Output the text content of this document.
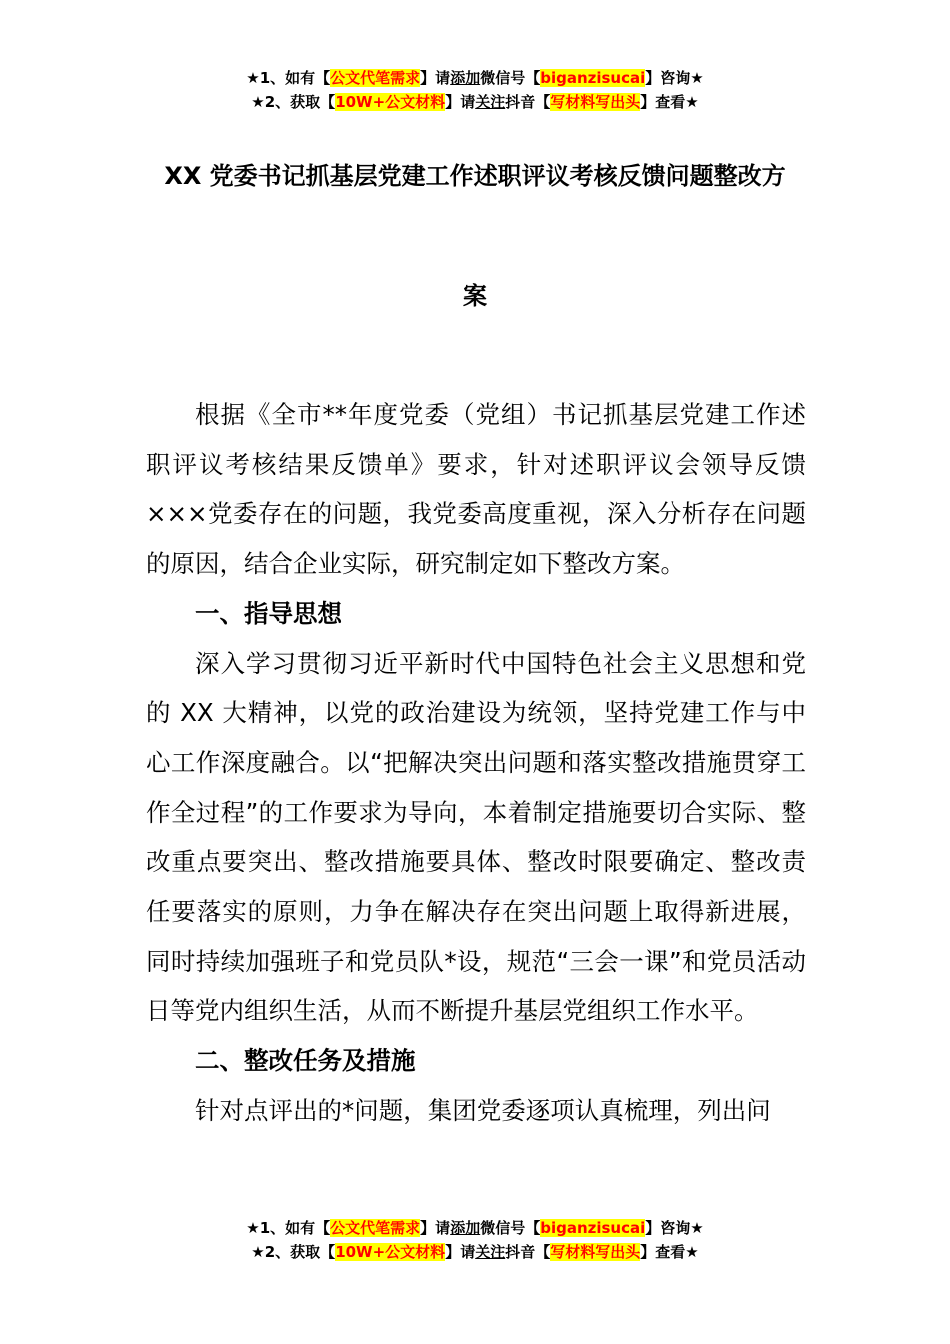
★1、如有【公文代笔需求】请添加微信号【biganzisucai】咨询★
★2、获取【10W+公文材料】请关注抖音【写材料写出头】查看★
XX 党委书记抓基层党建工作述职评议考核反馈问题整改方
案

根据《全市**年度党委（党组）书记抓基层党建工作述职评议考核结果反馈单》要求，针对述职评议会领导反馈×××党委存在的问题，我党委高度重视，深入分析存在问题的原因，结合企业实际，研究制定如下整改方案。

一、指导思想

深入学习贯彻习近平新时代中国特色社会主义思想和党的 XX 大精神，以党的政治建设为统领，坚持党建工作与中心工作深度融合。以“把解决突出问题和落实整改措施贯穿工作全过程”的工作要求为导向，本着制定措施要切合实际、整改重点要突出、整改措施要具体、整改时限要确定、整改责任要落实的原则，力争在解决存在突出问题上取得新进展，同时持续加强班子和党员队*设，规范“三会一课”和党员活动日等党内组织生活，从而不断提升基层党组织工作水平。

二、整改任务及措施

针对点评出的*问题，集团党委逐项认真梳理，列出问

★1、如有【公文代笔需求】请添加微信号【biganzisucai】咨询★
★2、获取【10W+公文材料】请关注抖音【写材料写出头】查看★
